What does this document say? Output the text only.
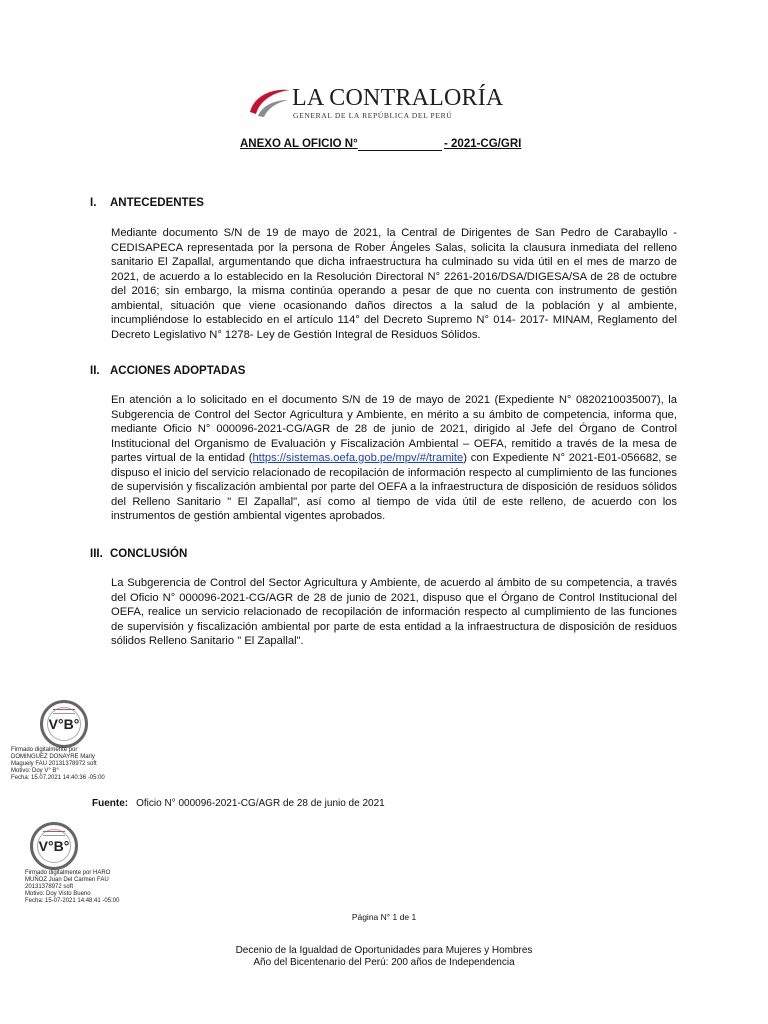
LA CONTRALORÍA
GENERAL DE LA REPÚBLICA DEL PERÚ
ANEXO AL OFICIO N°	- 2021-CG/GRI
I. ANTECEDENTES

Mediante documento S/N de 19 de mayo de 2021, la Central de Dirigentes de San Pedro de Carabayllo - CEDISAPECA representada por la persona de Rober Ángeles Salas, solicita la clausura inmediata del relleno sanitario El Zapallal, argumentando que dicha infraestructura ha culminado su vida útil en el mes de marzo de 2021, de acuerdo a lo establecido en la Resolución Directoral N° 2261-2016/DSA/DIGESA/SA de 28 de octubre del 2016; sin embargo, la misma continúa operando a pesar de que no cuenta con instrumento de gestión ambiental, situación que viene ocasionando daños directos a la salud de la población y al ambiente, incumpliéndose lo establecido en el artículo 114° del Decreto Supremo N° 014- 2017- MINAM, Reglamento del Decreto Legislativo N° 1278- Ley de Gestión Integral de Residuos Sólidos.

II. ACCIONES ADOPTADAS

En atención a lo solicitado en el documento S/N de 19 de mayo de 2021 (Expediente N° 0820210035007), la Subgerencia de Control del Sector Agricultura y Ambiente, en mérito a su ámbito de competencia, informa que, mediante Oficio N° 000096-2021-CG/AGR de 28 de junio de 2021, dirigido al Jefe del Órgano de Control Institucional del Organismo de Evaluación y Fiscalización Ambiental – OEFA, remitido a través de la mesa de partes virtual de la entidad (https://sistemas.oefa.gob.pe/mpv/#/tramite) con Expediente N° 2021-E01-056682, se dispuso el inicio del servicio relacionado de recopilación de información respecto al cumplimiento de las funciones de supervisión y fiscalización ambiental por parte del OEFA a la infraestructura de disposición de residuos sólidos del Relleno Sanitario " El Zapallal", así como al tiempo de vida útil de este relleno, de acuerdo con los instrumentos de gestión ambiental vigentes aprobados.

III. CONCLUSIÓN

La Subgerencia de Control del Sector Agricultura y Ambiente, de acuerdo al ámbito de su competencia, a través del Oficio N° 000096-2021-CG/AGR de 28 de junio de 2021, dispuso que el Órgano de Control Institucional del OEFA, realice un servicio relacionado de recopilación de información respecto al cumplimiento de las funciones de supervisión y fiscalización ambiental por parte de esta entidad a la infraestructura de disposición de residuos sólidos Relleno Sanitario " El Zapallal".

V°B°
Firmado digitalmente por
DOMINGUEZ DONAYRE Marly
Maguely FAU 20131378972 soft
Motivo: Doy V° B°
Fecha: 15.07.2021 14:40:36 -05:00
Fuente: Oficio N° 000096-2021-CG/AGR de 28 de junio de 2021
V°B°
Firmado digitalmente por HARO
MUÑOZ Juan Del Carmen FAU
20131378972 soft
Motivo: Doy Visto Bueno
Fecha: 15-07-2021 14:48:41 -05:00
Página N° 1 de 1
Decenio de la Igualdad de Oportunidades para Mujeres y Hombres
Año del Bicentenario del Perú: 200 años de Independencia
